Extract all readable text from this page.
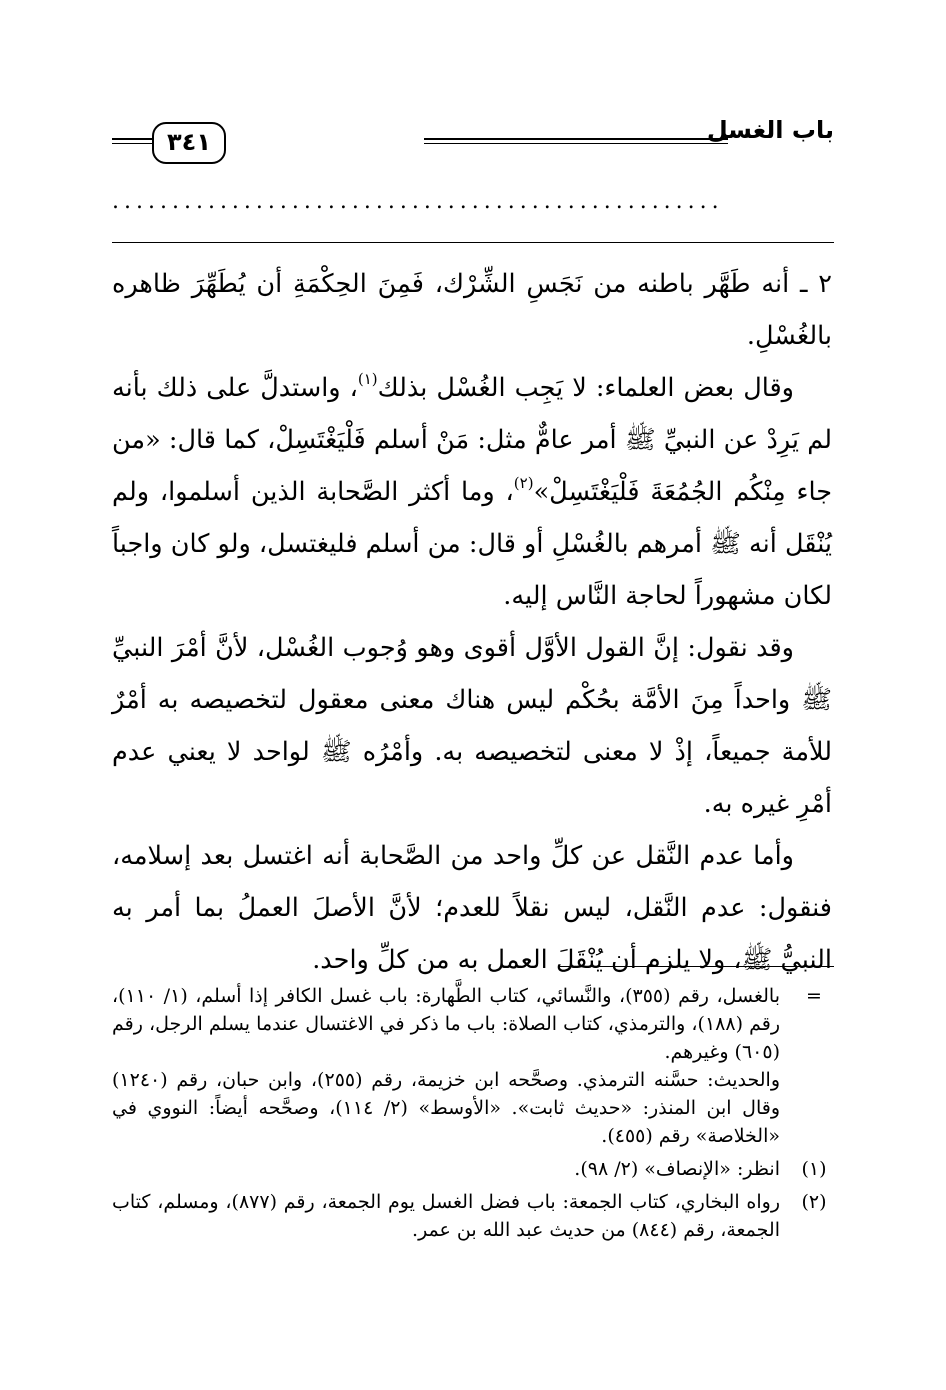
باب الغسل
٣٤١
...................................................

٢ ـ أنه طَهَّر باطنه من نَجَسِ الشِّرْك، فَمِنَ الحِكْمَةِ أن يُطَهِّرَ ظاهره بالغُسْلِ.

وقال بعض العلماء: لا يَجِب الغُسْل بذلك$^{(١)}$، واستدلَّ على ذلك بأنه لم يَرِدْ عن النبيِّ ﷺ أمر عامٌّ مثل: مَنْ أسلم فَلْيَغْتَسِلْ، كما قال: «من جاء مِنْكُم الجُمُعَةَ فَلْيَغْتَسِلْ»$^{(٢)}$، وما أكثر الصَّحابة الذين أسلموا، ولم يُنْقَل أنه ﷺ أمرهم بالغُسْلِ أو قال: من أسلم فليغتسل، ولو كان واجباً لكان مشهوراً لحاجة النَّاس إليه.

وقد نقول: إنَّ القول الأوَّل أقوى وهو وُجوب الغُسْل، لأنَّ أمْرَ النبيِّ ﷺ واحداً مِنَ الأمَّة بحُكْم ليس هناك معنى معقول لتخصيصه به أمْرٌ للأمة جميعاً، إذْ لا معنى لتخصيصه به. وأمْرُه ﷺ لواحد لا يعني عدم أمْرِ غيره به.

وأما عدم النَّقل عن كلِّ واحد من الصَّحابة أنه اغتسل بعد إسلامه، فنقول: عدم النَّقل، ليس نقلاً للعدم؛ لأنَّ الأصلَ العملُ بما أمر به النبيُّ ﷺ، ولا يلزم أن يُنْقَلَ العمل به من كلِّ واحد.

=

بالغسل، رقم (٣٥٥)، والنَّسائي، كتاب الطَّهارة: باب غسل الكافر إذا أسلم، (١/ ١١٠)، رقم (١٨٨)، والترمذي، كتاب الصلاة: باب ما ذكر في الاغتسال عندما يسلم الرجل، رقم (٦٠٥) وغيرهم.

والحديث: حسَّنه الترمذي. وصحَّحه ابن خزيمة، رقم (٢٥٥)، وابن حبان، رقم (١٢٤٠) وقال ابن المنذر: «حديث ثابت». «الأوسط» (٢/ ١١٤)، وصحَّحه أيضاً: النووي في «الخلاصة» رقم (٤٥٥).

(١)

انظر: «الإنصاف» (٢/ ٩٨).

(٢)

رواه البخاري، كتاب الجمعة: باب فضل الغسل يوم الجمعة، رقم (٨٧٧)، ومسلم، كتاب الجمعة، رقم (٨٤٤) من حديث عبد الله بن عمر.
